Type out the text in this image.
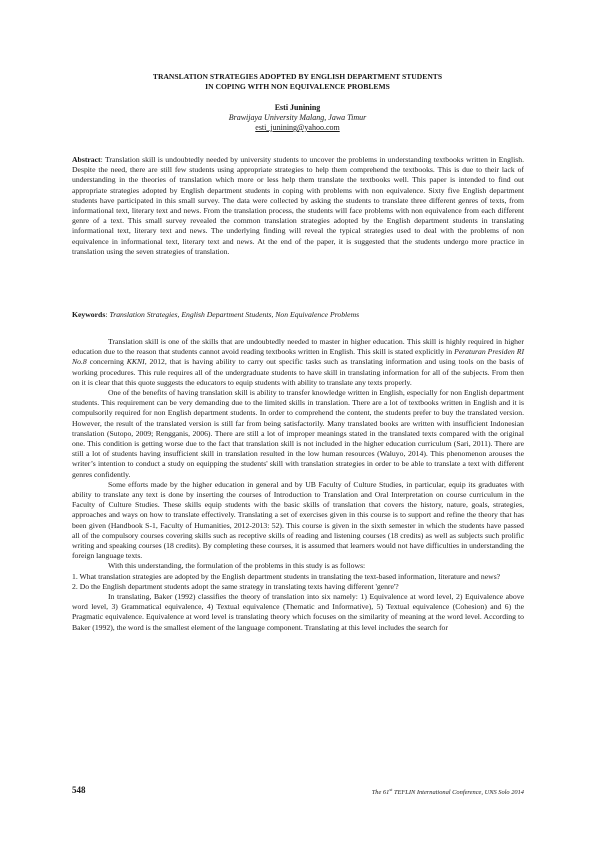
TRANSLATION STRATEGIES ADOPTED BY ENGLISH DEPARTMENT STUDENTS
IN COPING WITH NON EQUIVALENCE PROBLEMS
Esti Junining
Brawijaya University Malang, Jawa Timur
esti_junining@yahoo.com
Abstract: Translation skill is undoubtedly needed by university students to uncover the problems in understanding textbooks written in English. Despite the need, there are still few students using appropriate strategies to help them comprehend the textbooks. This is due to their lack of understanding in the theories of translation which more or less help them translate the textbooks well. This paper is intended to find out appropriate strategies adopted by English department students in coping with problems with non equivalence. Sixty five English department students have participated in this small survey. The data were collected by asking the students to translate three different genres of texts, from informational text, literary text and news. From the translation process, the students will face problems with non equivalence from each different genre of a text. This small survey revealed the common translation strategies adopted by the English department students in translating informational text, literary text and news. The underlying finding will reveal the typical strategies used to deal with the problems of non equivalence in informational text, literary text and news. At the end of the paper, it is suggested that the students undergo more practice in translation using the seven strategies of translation.
Keywords: Translation Strategies, English Department Students, Non Equivalence Problems

Translation skill is one of the skills that are undoubtedly needed to master in higher education. This skill is highly required in higher education due to the reason that students cannot avoid reading textbooks written in English. This skill is stated explicitly in Peraturan Presiden RI No.8 concerning KKNI, 2012, that is having ability to carry out specific tasks such as translating information and using tools on the basis of working procedures. This rule requires all of the undergraduate students to have skill in translating information for all of the subjects. From then on it is clear that this quote suggests the educators to equip students with ability to translate any texts properly.

One of the benefits of having translation skill is ability to transfer knowledge written in English, especially for non English department students. This requirement can be very demanding due to the limited skills in translation. There are a lot of textbooks written in English and it is compulsorily required for non English department students. In order to comprehend the content, the students prefer to buy the translated version. However, the result of the translated version is still far from being satisfactorily. Many translated books are written with insufficient Indonesian translation (Sutopo, 2009; Rengganis, 2006). There are still a lot of improper meanings stated in the translated texts compared with the original one. This condition is getting worse due to the fact that translation skill is not included in the higher education curriculum (Sari, 2011). There are still a lot of students having insufficient skill in translation resulted in the low human resources (Waluyo, 2014). This phenomenon arouses the writer’s intention to conduct a study on equipping the students' skill with translation strategies in order to be able to translate a text with different genres confidently.

Some efforts made by the higher education in general and by UB Faculty of Culture Studies, in particular, equip its graduates with ability to translate any text is done by inserting the courses of Introduction to Translation and Oral Interpretation on course curriculum in the Faculty of Culture Studies. These skills equip students with the basic skills of translation that covers the history, nature, goals, strategies, approaches and ways on how to translate effectively. Translating a set of exercises given in this course is to support and refine the theory that has been given (Handbook S-1, Faculty of Humanities, 2012-2013: 52). This course is given in the sixth semester in which the students have passed all of the compulsory courses covering skills such as receptive skills of reading and listening courses (18 credits) as well as subjects such prolific writing and speaking courses (18 credits). By completing these courses, it is assumed that learners would not have difficulties in understanding the foreign language texts.

With this understanding, the formulation of the problems in this study is as follows:

1. What translation strategies are adopted by the English department students in translating the text-based information, literature and news?
2. Do the English department students adopt the same strategy in translating texts having different 'genre'?

In translating, Baker (1992) classifies the theory of translation into six namely: 1) Equivalence at word level, 2) Equivalence above word level, 3) Grammatical equivalence, 4) Textual equivalence (Thematic and Informative), 5) Textual equivalence (Cohesion) and 6) the Pragmatic equivalence. Equivalence at word level is translating theory which focuses on the similarity of meaning at the word level. According to Baker (1992), the word is the smallest element of the language component. Translating at this level includes the search for

548	The 61st TEFLIN International Conference, UNS Solo 2014
